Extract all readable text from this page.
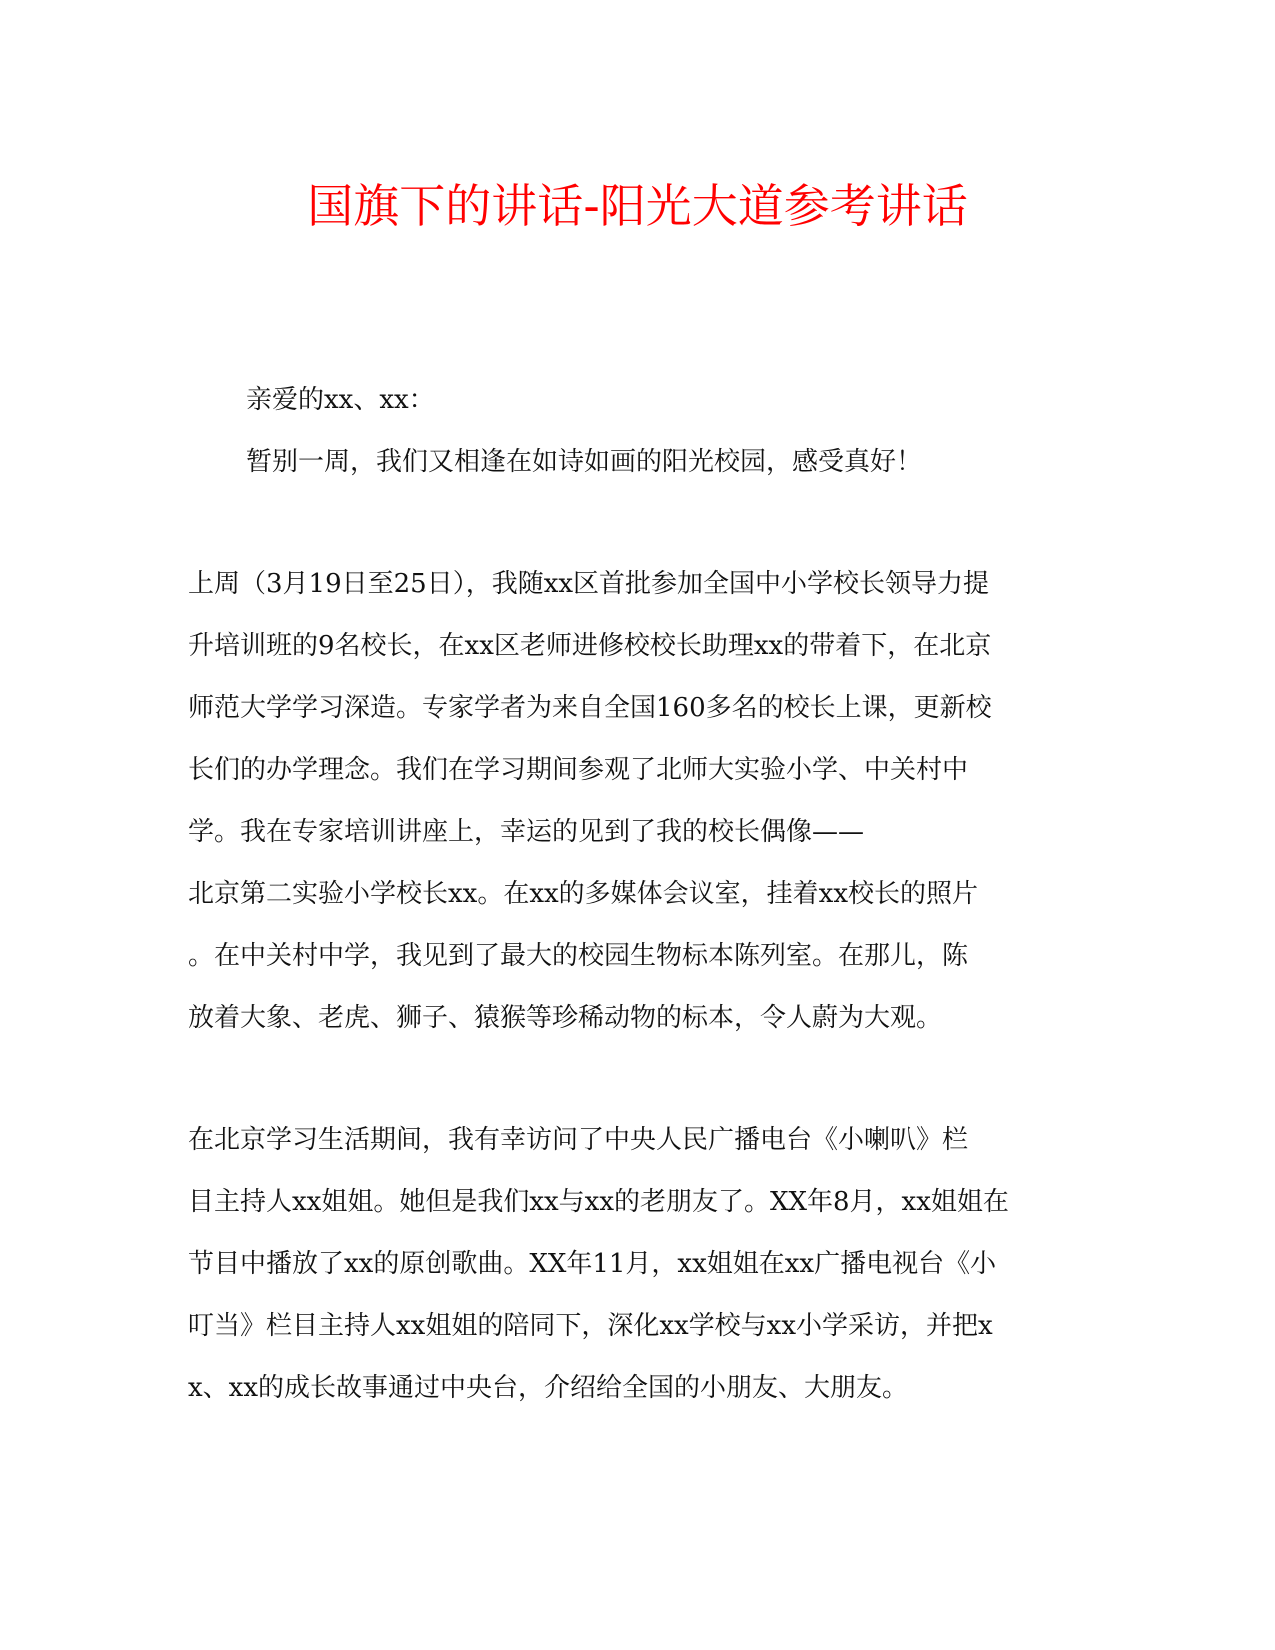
国旗下的讲话-阳光大道参考讲话

亲爱的xx、xx：

暂别一周，我们又相逢在如诗如画的阳光校园，感受真好！

上周（3月19日至25日），我随xx区首批参加全国中小学校长领导力提

升培训班的9名校长，在xx区老师进修校校长助理xx的带着下，在北京

师范大学学习深造。专家学者为来自全国160多名的校长上课，更新校

长们的办学理念。我们在学习期间参观了北师大实验小学、中关村中

学。我在专家培训讲座上，幸运的见到了我的校长偶像——

北京第二实验小学校长xx。在xx的多媒体会议室，挂着xx校长的照片

。在中关村中学，我见到了最大的校园生物标本陈列室。在那儿，陈

放着大象、老虎、狮子、猿猴等珍稀动物的标本，令人蔚为大观。

在北京学习生活期间，我有幸访问了中央人民广播电台《小喇叭》栏

目主持人xx姐姐。她但是我们xx与xx的老朋友了。XX年8月，xx姐姐在

节目中播放了xx的原创歌曲。XX年11月，xx姐姐在xx广播电视台《小

叮当》栏目主持人xx姐姐的陪同下，深化xx学校与xx小学采访，并把x

x、xx的成长故事通过中央台，介绍给全国的小朋友、大朋友。
